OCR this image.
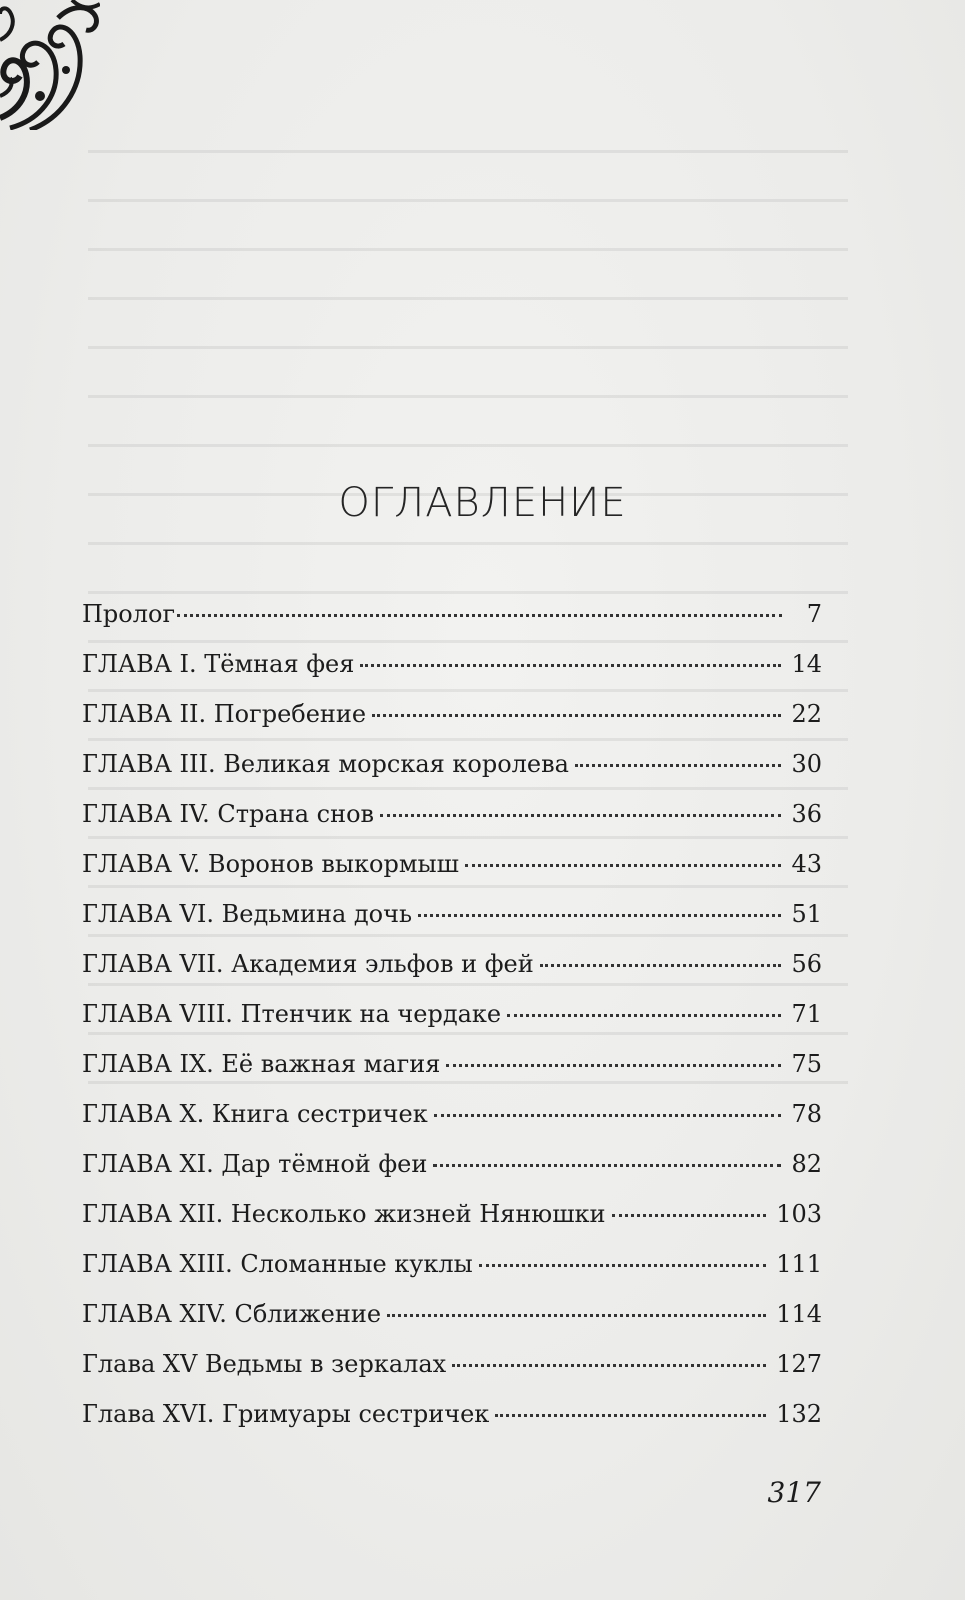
ОГЛАВЛЕНИЕ
Пролог	7
ГЛАВА I. Тёмная фея	14
ГЛАВА II. Погребение	22
ГЛАВА III. Великая морская королева	30
ГЛАВА IV. Страна снов	36
ГЛАВА V. Воронов выкормыш	43
ГЛАВА VI. Ведьмина дочь	51
ГЛАВА VII. Академия эльфов и фей	56
ГЛАВА VIII. Птенчик на чердаке	71
ГЛАВА IX. Её важная магия	75
ГЛАВА X. Книга сестричек	78
ГЛАВА XI. Дар тёмной феи	82
ГЛАВА XII. Несколько жизней Нянюшки	103
ГЛАВА XIII. Сломанные куклы	111
ГЛАВА XIV. Сближение	114
Глава XV Ведьмы в зеркалах	127
Глава XVI. Гримуары сестричек	132
317
